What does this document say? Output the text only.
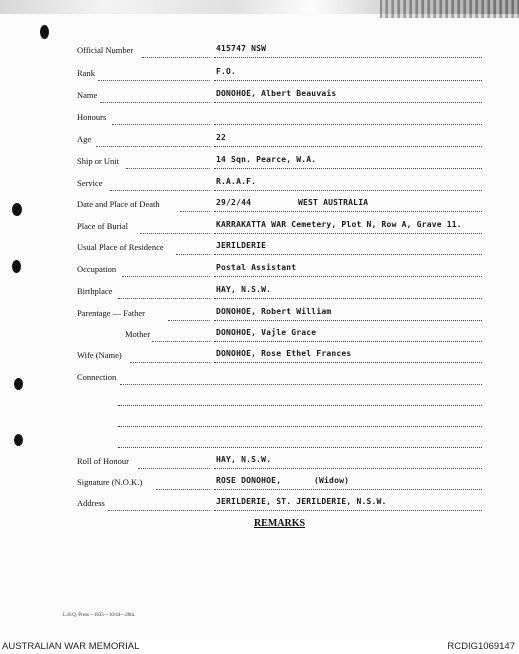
Official Number	415747 NSW
Rank	F.O.
Name	DONOHOE, Albert Beauvais
Honours
Age	22
Ship or Unit	14 Sqn. Pearce, W.A.
Service	R.A.A.F.
Date and Place of Death	29/2/44	WEST AUSTRALIA
Place of Burial	KARRAKATTA WAR Cemetery, Plot N, Row A, Grave 11.
Usual Place of Residence	JERILDERIE
Occupation	Postal Assistant
Birthplace	HAY, N.S.W.
Parentage — Father	DONOHOE, Robert William
Mother	DONOHOE, Vajle Grace
Wife (Name)	DONOHOE, Rose Ethel Frances
Connection
Roll of Honour	HAY, N.S.W.
Signature (N.O.K.)	ROSE DONOHOE,	(Widow)
Address	JERILDERIE, ST. JERILDERIE, N.S.W.
REMARKS
L.H.Q. Press—1635—10/44—20m.
AUSTRALIAN WAR MEMORIAL	RCDIG1069147
